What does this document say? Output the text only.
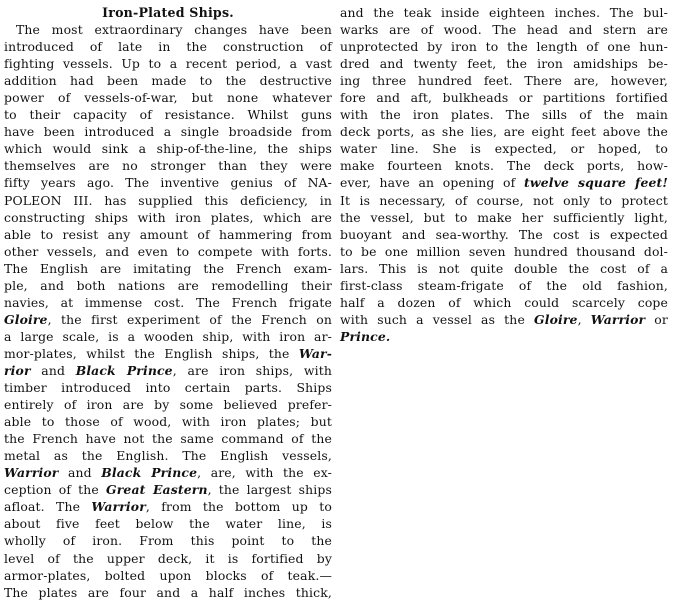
Iron-Plated Ships.
The most extraordinary changes have been
introduced of late in the construction of
fighting vessels. Up to a recent period, a vast
addition had been made to the destructive
power of vessels-of-war, but none whatever
to their capacity of resistance. Whilst guns
have been introduced a single broadside from
which would sink a ship-of-the-line, the ships
themselves are no stronger than they were
fifty years ago. The inventive genius of NA-
POLEON III. has supplied this deficiency, in
constructing ships with iron plates, which are
able to resist any amount of hammering from
other vessels, and even to compete with forts.
The English are imitating the French exam-
ple, and both nations are remodelling their
navies, at immense cost. The French frigate
Gloire, the first experiment of the French on
a large scale, is a wooden ship, with iron ar-
mor-plates, whilst the English ships, the War-
rior and Black Prince, are iron ships, with
timber introduced into certain parts. Ships
entirely of iron are by some believed prefer-
able to those of wood, with iron plates; but
the French have not the same command of the
metal as the English. The English vessels,
Warrior and Black Prince, are, with the ex-
ception of the Great Eastern, the largest ships
afloat. The Warrior, from the bottom up to
about five feet below the water line, is
wholly of iron. From this point to the
level of the upper deck, it is fortified by
armor-plates, bolted upon blocks of teak.—
The plates are four and a half inches thick,
and the teak inside eighteen inches. The bul-
warks are of wood. The head and stern are
unprotected by iron to the length of one hun-
dred and twenty feet, the iron amidships be-
ing three hundred feet. There are, however,
fore and aft, bulkheads or partitions fortified
with the iron plates. The sills of the main
deck ports, as she lies, are eight feet above the
water line. She is expected, or hoped, to
make fourteen knots. The deck ports, how-
ever, have an opening of twelve square feet!
It is necessary, of course, not only to protect
the vessel, but to make her sufficiently light,
buoyant and sea-worthy. The cost is expected
to be one million seven hundred thousand dol-
lars. This is not quite double the cost of a
first-class steam-frigate of the old fashion,
half a dozen of which could scarcely cope
with such a vessel as the Gloire, Warrior or
Prince.
